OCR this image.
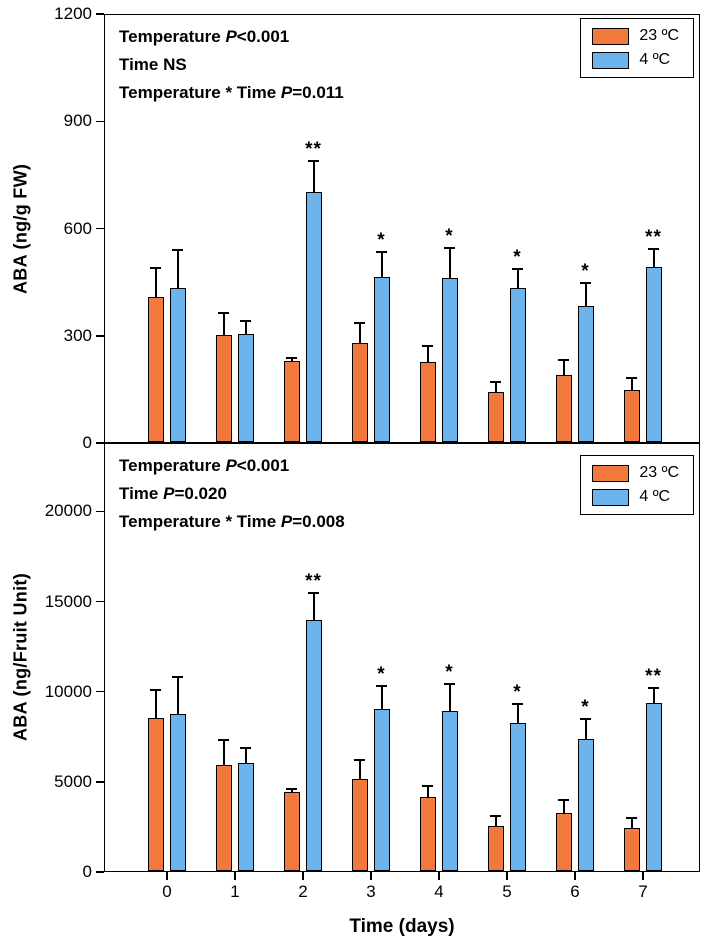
ABA (ng/g FW)
ABA (ng/Fruit Unit)
**
*	*
*
*
**
Temperature P<0.001
Time NS
Temperature * Time P=0.011
23 ºC
4 ºC
**
*	*
*
*
**
Temperature P<0.001
Time P=0.020
Temperature * Time P=0.008
23 ºC
4 ºC
Time (days)
0
300
600
900
1200
0
5000
10000
15000
20000
0	1	2	3	4	5	6	7
